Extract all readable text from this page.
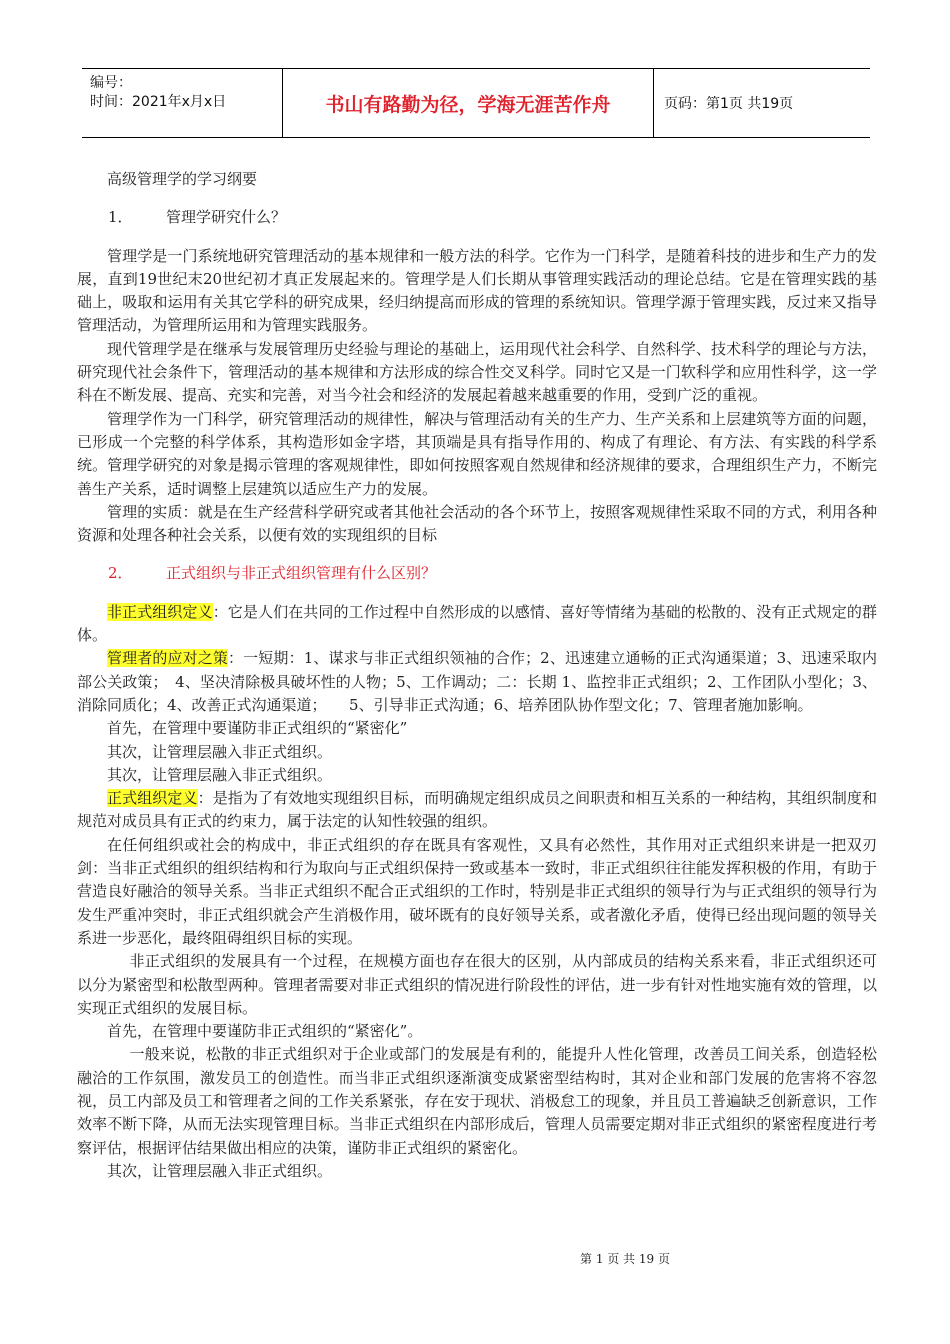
编号：
时间：2021年x月x日	书山有路勤为径，学海无涯苦作舟	页码：第1页 共19页

高级管理学的学习纲要

1． 管理学研究什么？

管理学是一门系统地研究管理活动的基本规律和一般方法的科学。它作为一门科学，是随着科技的进步和生产力的发展，直到19世纪末20世纪初才真正发展起来的。管理学是人们长期从事管理实践活动的理论总结。它是在管理实践的基础上，吸取和运用有关其它学科的研究成果，经归纳提高而形成的管理的系统知识。管理学源于管理实践，反过来又指导管理活动，为管理所运用和为管理实践服务。

现代管理学是在继承与发展管理历史经验与理论的基础上，运用现代社会科学、自然科学、技术科学的理论与方法，研究现代社会条件下，管理活动的基本规律和方法形成的综合性交叉科学。同时它又是一门软科学和应用性科学，这一学科在不断发展、提高、充实和完善，对当今社会和经济的发展起着越来越重要的作用，受到广泛的重视。

管理学作为一门科学，研究管理活动的规律性，解决与管理活动有关的生产力、生产关系和上层建筑等方面的问题，已形成一个完整的科学体系，其构造形如金字塔，其顶端是具有指导作用的、构成了有理论、有方法、有实践的科学系统。管理学研究的对象是揭示管理的客观规律性，即如何按照客观自然规律和经济规律的要求，合理组织生产力，不断完善生产关系，适时调整上层建筑以适应生产力的发展。

管理的实质：就是在生产经营科学研究或者其他社会活动的各个环节上，按照客观规律性采取不同的方式，利用各种资源和处理各种社会关系，以便有效的实现组织的目标

2． 正式组织与非正式组织管理有什么区别？

非正式组织定义：它是人们在共同的工作过程中自然形成的以感情、喜好等情绪为基础的松散的、没有正式规定的群体。

管理者的应对之策：一短期：1、谋求与非正式组织领袖的合作；2、迅速建立通畅的正式沟通渠道；3、迅速采取内部公关政策；　4、坚决清除极具破坏性的人物；5、工作调动；二：长期 1、监控非正式组织；2、工作团队小型化；3、消除同质化；4、改善正式沟通渠道；　　5、引导非正式沟通；6、培养团队协作型文化；7、管理者施加影响。

首先，在管理中要谨防非正式组织的“紧密化”

其次，让管理层融入非正式组织。

其次，让管理层融入非正式组织。

正式组织定义：是指为了有效地实现组织目标，而明确规定组织成员之间职责和相互关系的一种结构，其组织制度和规范对成员具有正式的约束力，属于法定的认知性较强的组织。

在任何组织或社会的构成中，非正式组织的存在既具有客观性，又具有必然性，其作用对正式组织来讲是一把双刃剑：当非正式组织的组织结构和行为取向与正式组织保持一致或基本一致时，非正式组织往往能发挥积极的作用，有助于营造良好融洽的领导关系。当非正式组织不配合正式组织的工作时，特别是非正式组织的领导行为与正式组织的领导行为发生严重冲突时，非正式组织就会产生消极作用，破坏既有的良好领导关系，或者激化矛盾，使得已经出现问题的领导关系进一步恶化，最终阻碍组织目标的实现。

非正式组织的发展具有一个过程，在规模方面也存在很大的区别，从内部成员的结构关系来看，非正式组织还可以分为紧密型和松散型两种。管理者需要对非正式组织的情况进行阶段性的评估，进一步有针对性地实施有效的管理，以实现正式组织的发展目标。

首先，在管理中要谨防非正式组织的“紧密化”。

一般来说，松散的非正式组织对于企业或部门的发展是有利的，能提升人性化管理，改善员工间关系，创造轻松融洽的工作氛围，激发员工的创造性。而当非正式组织逐渐演变成紧密型结构时，其对企业和部门发展的危害将不容忽视，员工内部及员工和管理者之间的工作关系紧张，存在安于现状、消极怠工的现象，并且员工普遍缺乏创新意识，工作效率不断下降，从而无法实现管理目标。当非正式组织在内部形成后，管理人员需要定期对非正式组织的紧密程度进行考察评估，根据评估结果做出相应的决策，谨防非正式组织的紧密化。

其次，让管理层融入非正式组织。

第 1 页 共 19 页
